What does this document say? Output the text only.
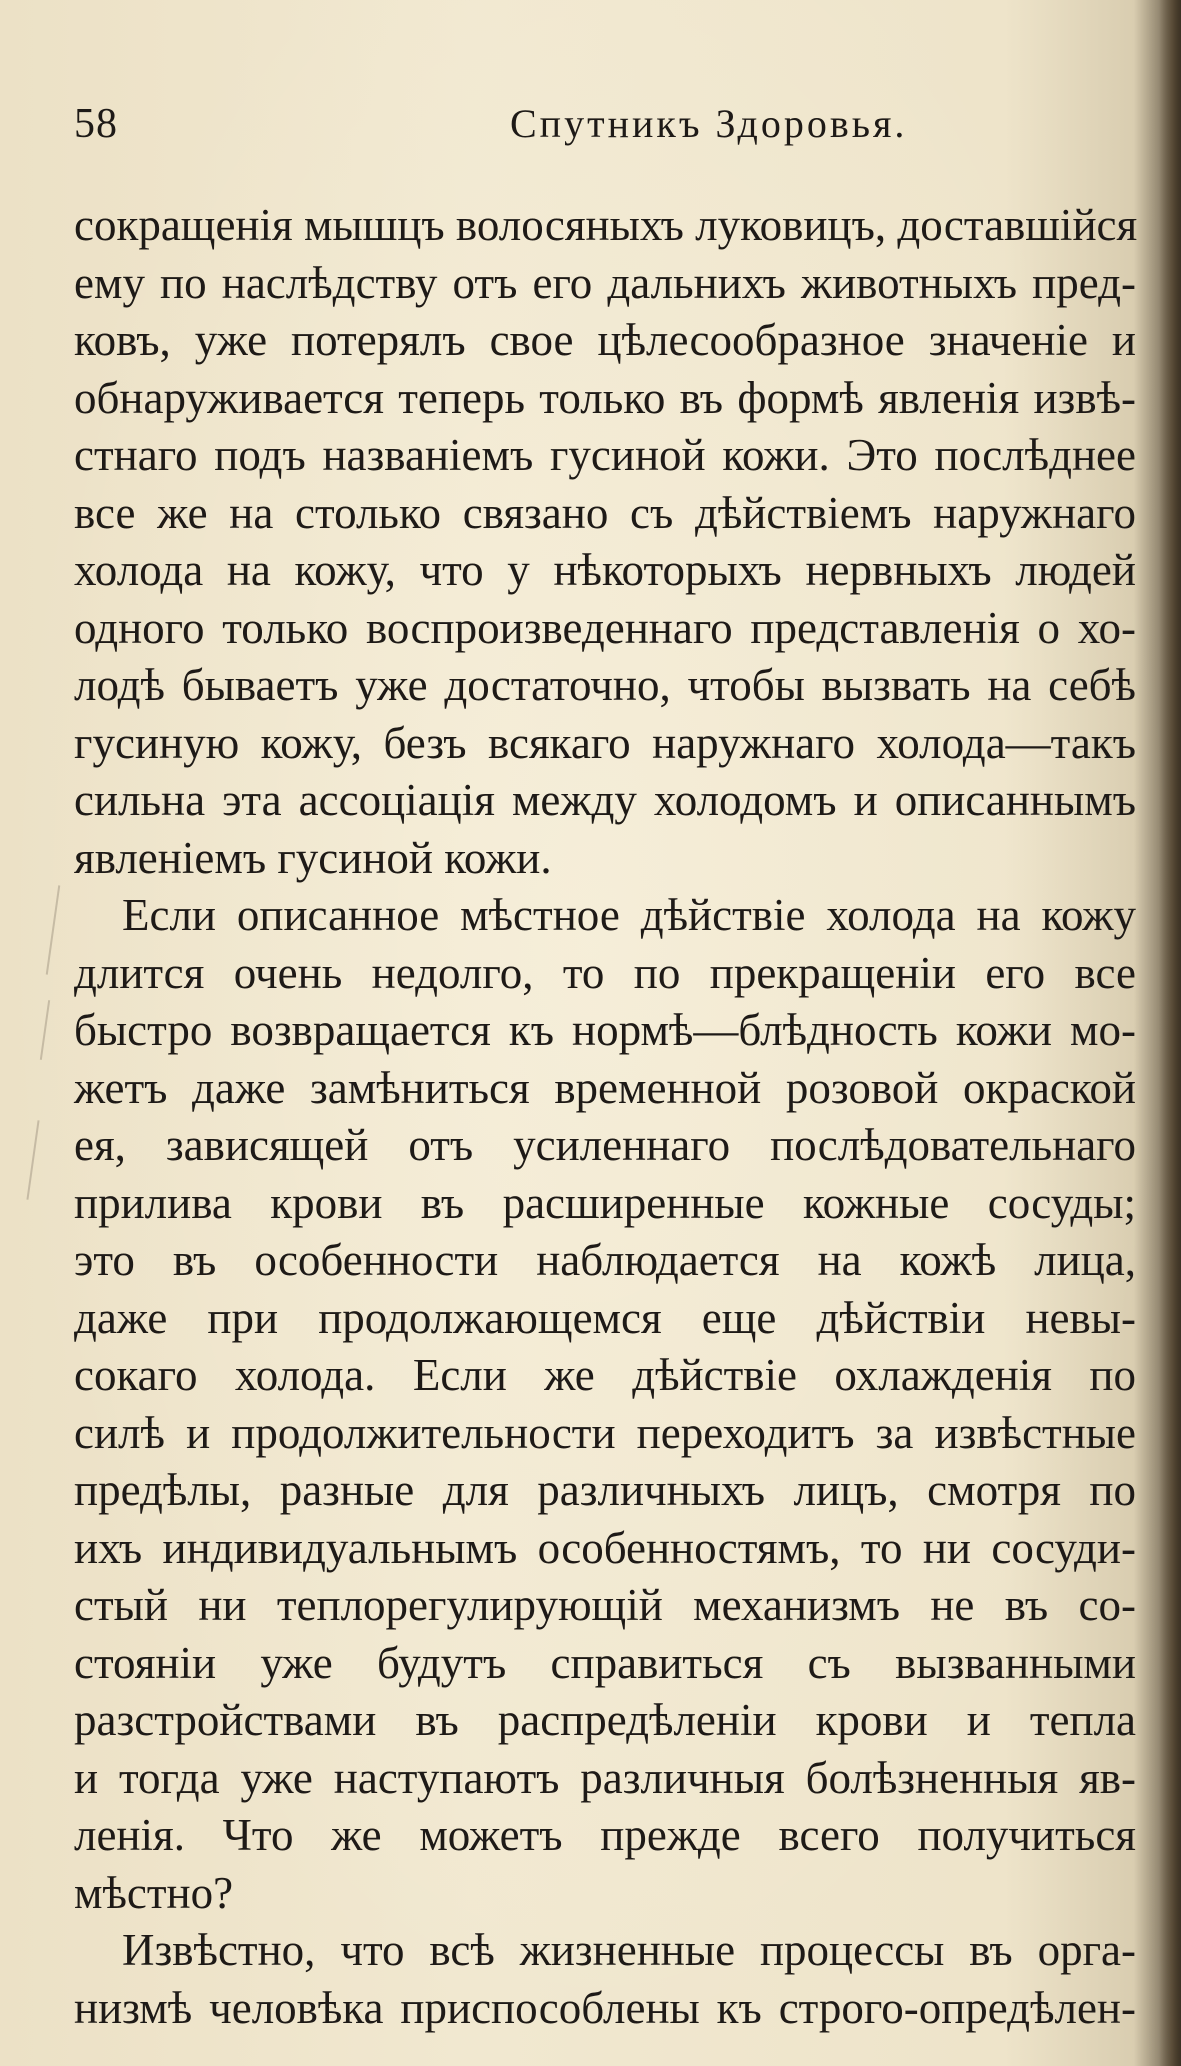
58	Спутникъ Здоровья.
сокращенія мышцъ волосяныхъ луковицъ, доставшійся
ему по наслѣдству отъ его дальнихъ животныхъ пред-
ковъ, уже потерялъ свое цѣлесообразное значеніе и
обнаруживается теперь только въ формѣ явленія извѣ-
стнаго подъ названіемъ гусиной кожи. Это послѣднее
все же на столько связано съ дѣйствіемъ наружнаго
холода на кожу, что у нѣкоторыхъ нервныхъ людей
одного только воспроизведеннаго представленія о хо-
лодѣ бываетъ уже достаточно, чтобы вызвать на себѣ
гусиную кожу, безъ всякаго наружнаго холода—такъ
сильна эта ассоціація между холодомъ и описаннымъ
явленіемъ гусиной кожи.
Если описанное мѣстное дѣйствіе холода на кожу
длится очень недолго, то по прекращеніи его все
быстро возвращается къ нормѣ—блѣдность кожи мо-
жетъ даже замѣниться временной розовой окраской
ея, зависящей отъ усиленнаго послѣдовательнаго
прилива крови въ расширенные кожные сосуды;
это въ особенности наблюдается на кожѣ лица,
даже при продолжающемся еще дѣйствіи невы-
сокаго холода. Если же дѣйствіе охлажденія по
силѣ и продолжительности переходитъ за извѣстные
предѣлы, разные для различныхъ лицъ, смотря по
ихъ индивидуальнымъ особенностямъ, то ни сосуди-
стый ни теплорегулирующій механизмъ не въ со-
стояніи уже будутъ справиться съ вызванными
разстройствами въ распредѣленіи крови и тепла
и тогда уже наступаютъ различныя болѣзненныя яв-
ленія. Что же можетъ прежде всего получиться
мѣстно?
Извѣстно, что всѣ жизненные процессы въ орга-
низмѣ человѣка приспособлены къ строго-опредѣлен-
